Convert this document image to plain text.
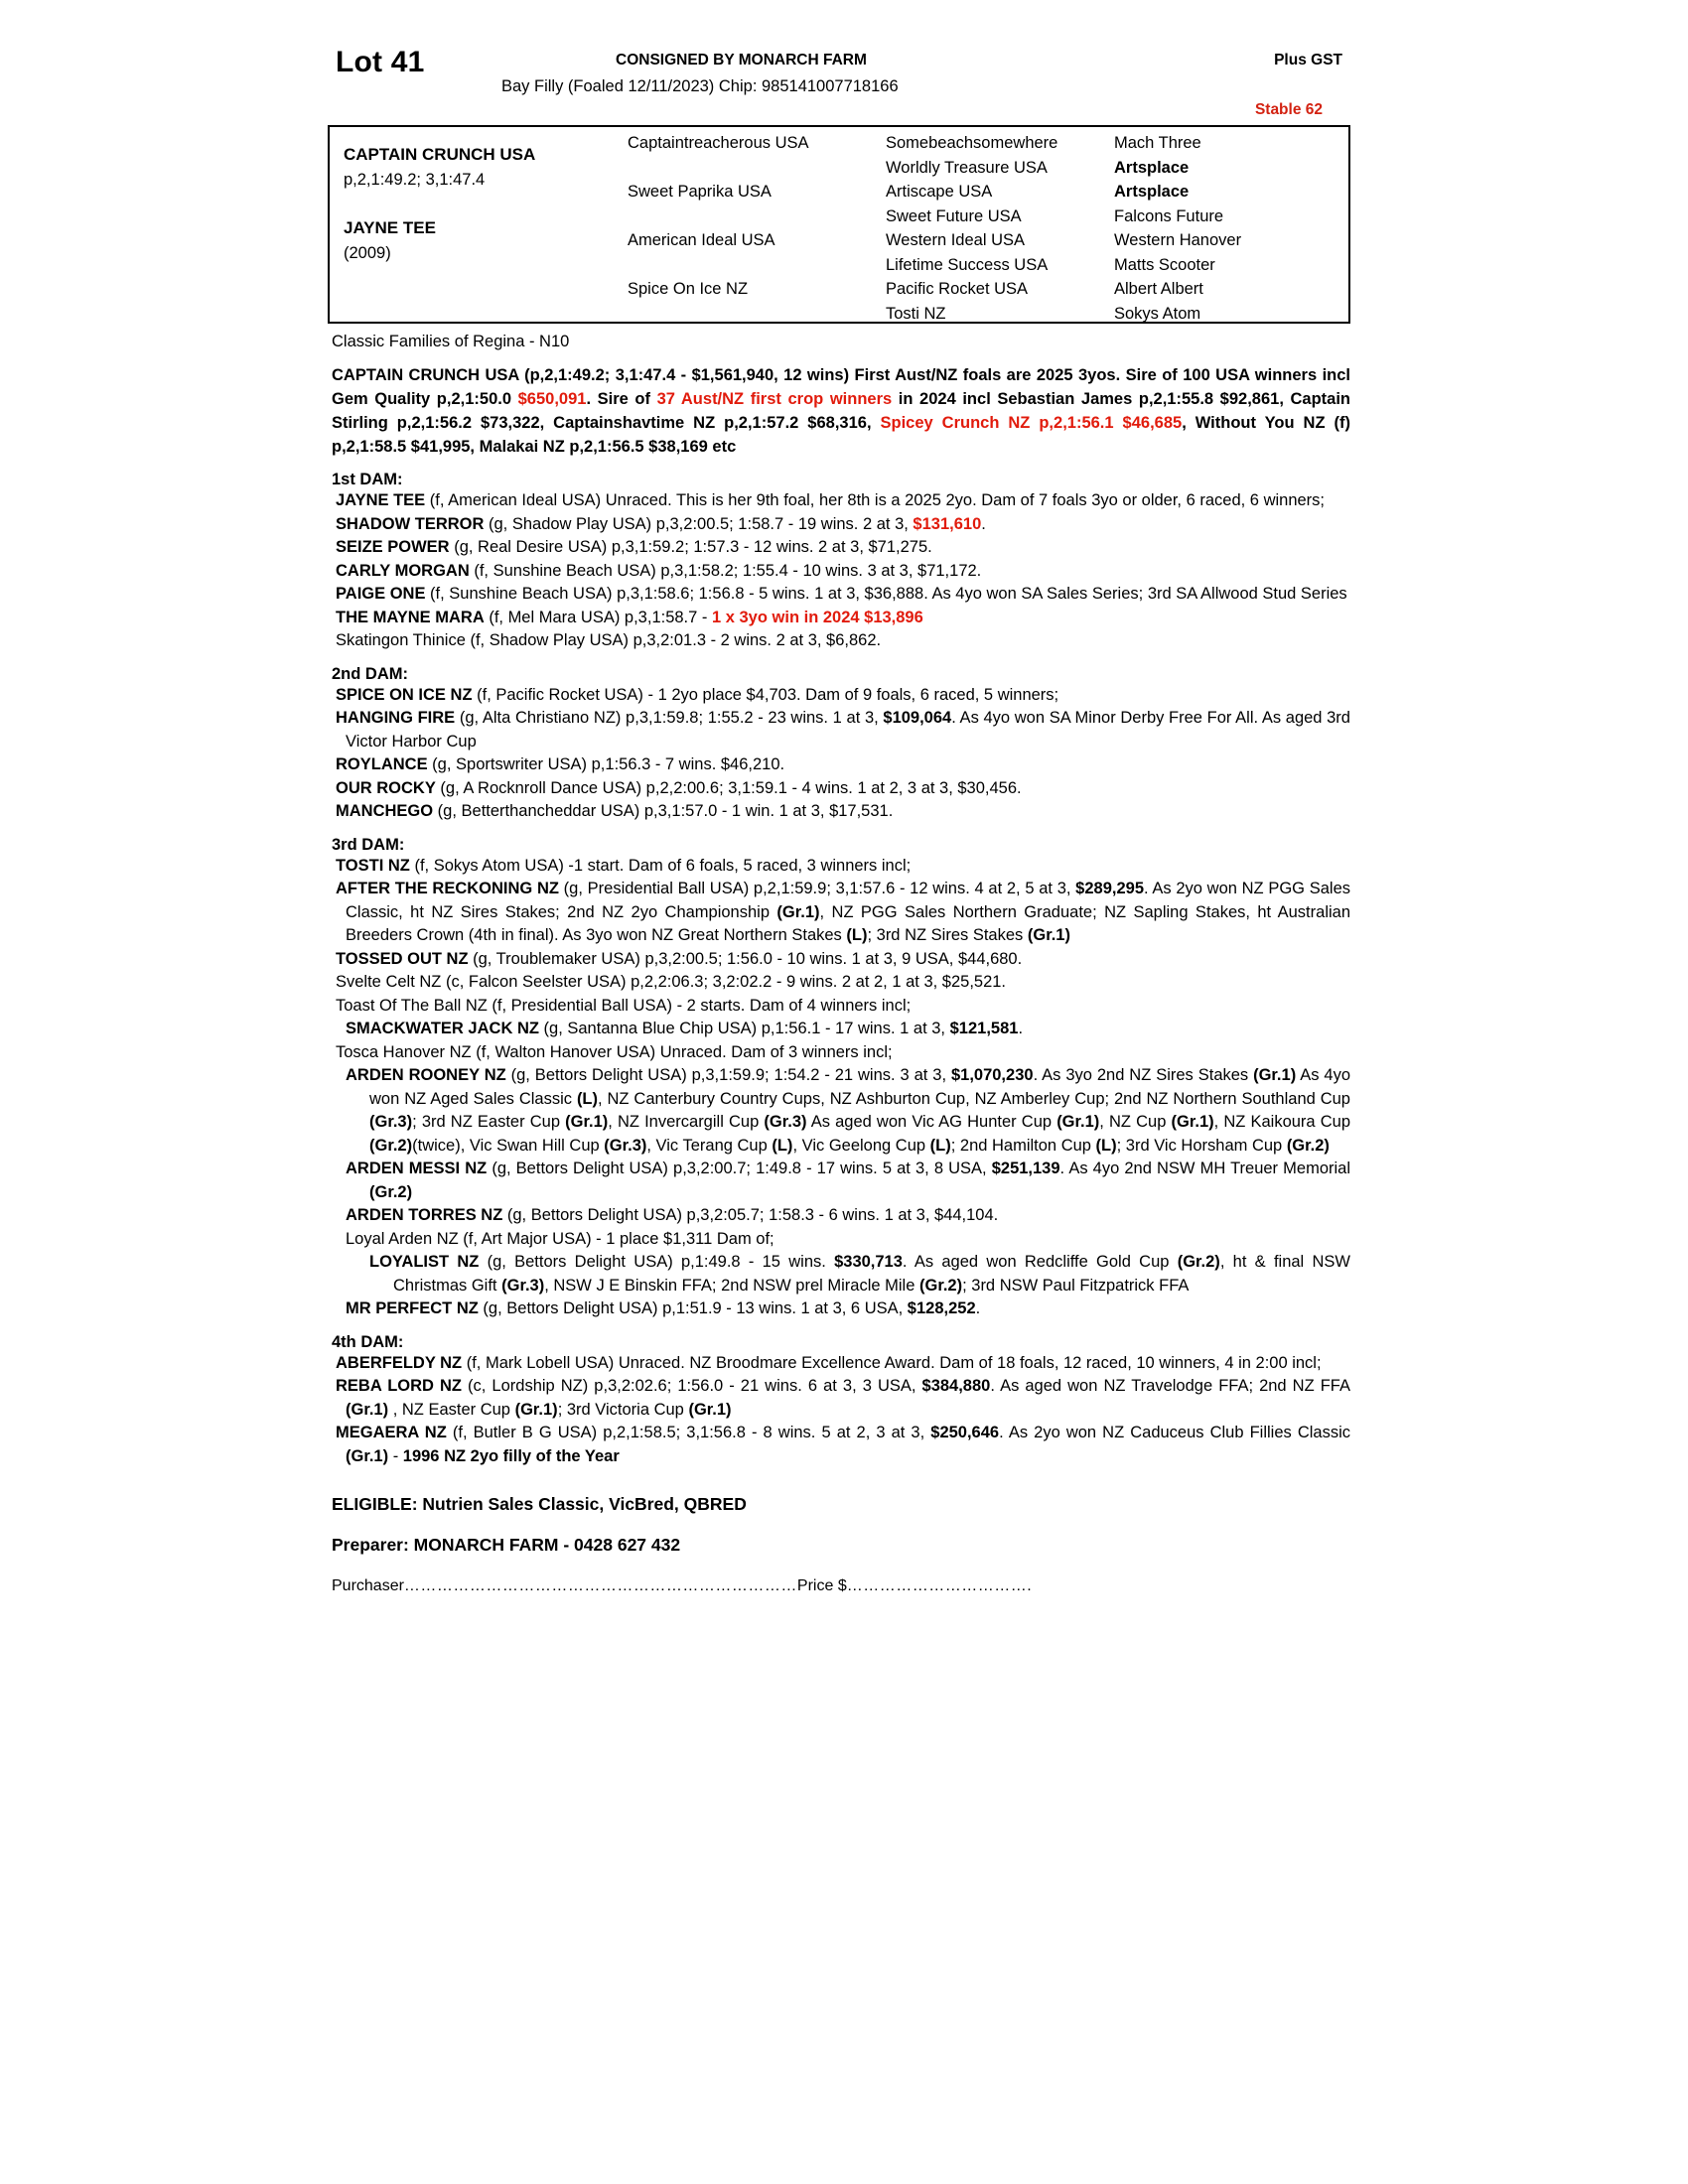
Lot 41	CONSIGNED BY MONARCH FARM	Plus GST
Bay Filly (Foaled 12/11/2023) Chip: 985141007718166
Stable 62
CAPTAIN CRUNCH USA
p,2,1:49.2; 3,1:47.4
JAYNE TEE
(2009)
Captaintreacherous USA
Sweet Paprika USA
American Ideal USA
Spice On Ice NZ
Somebeachsomewhere
Worldly Treasure USA
Artiscape USA
Sweet Future USA
Western Ideal USA
Lifetime Success USA
Pacific Rocket USA
Tosti NZ
Mach Three
Artsplace
Artsplace
Falcons Future
Western Hanover
Matts Scooter
Albert Albert
Sokys Atom
Classic Families of Regina - N10
CAPTAIN CRUNCH USA (p,2,1:49.2; 3,1:47.4 - $1,561,940, 12 wins) First Aust/NZ foals are 2025 3yos. Sire of 100 USA winners incl Gem Quality p,2,1:50.0 $650,091. Sire of 37 Aust/NZ first crop winners in 2024 incl Sebastian James p,2,1:55.8 $92,861, Captain Stirling p,2,1:56.2 $73,322, Captainshavtime NZ p,2,1:57.2 $68,316, Spicey Crunch NZ p,2,1:56.1 $46,685, Without You NZ (f) p,2,1:58.5 $41,995, Malakai NZ p,2,1:56.5 $38,169 etc
1st DAM:
JAYNE TEE (f, American Ideal USA) Unraced. This is her 9th foal, her 8th is a 2025 2yo. Dam of 7 foals 3yo or older, 6 raced, 6 winners;
SHADOW TERROR (g, Shadow Play USA) p,3,2:00.5; 1:58.7 - 19 wins. 2 at 3, $131,610.
SEIZE POWER (g, Real Desire USA) p,3,1:59.2; 1:57.3 - 12 wins. 2 at 3, $71,275.
CARLY MORGAN (f, Sunshine Beach USA) p,3,1:58.2; 1:55.4 - 10 wins. 3 at 3, $71,172.
PAIGE ONE (f, Sunshine Beach USA) p,3,1:58.6; 1:56.8 - 5 wins. 1 at 3, $36,888. As 4yo won SA Sales Series; 3rd SA Allwood Stud Series
THE MAYNE MARA (f, Mel Mara USA) p,3,1:58.7 - 1 x 3yo win in 2024 $13,896
Skatingon Thinice (f, Shadow Play USA) p,3,2:01.3 - 2 wins. 2 at 3, $6,862.
2nd DAM:
SPICE ON ICE NZ (f, Pacific Rocket USA) - 1 2yo place $4,703. Dam of 9 foals, 6 raced, 5 winners;
HANGING FIRE (g, Alta Christiano NZ) p,3,1:59.8; 1:55.2 - 23 wins. 1 at 3, $109,064. As 4yo won SA Minor Derby Free For All. As aged 3rd Victor Harbor Cup
ROYLANCE (g, Sportswriter USA) p,1:56.3 - 7 wins. $46,210.
OUR ROCKY (g, A Rocknroll Dance USA) p,2,2:00.6; 3,1:59.1 - 4 wins. 1 at 2, 3 at 3, $30,456.
MANCHEGO (g, Betterthancheddar USA) p,3,1:57.0 - 1 win. 1 at 3, $17,531.
3rd DAM:
TOSTI NZ (f, Sokys Atom USA) -1 start. Dam of 6 foals, 5 raced, 3 winners incl;
AFTER THE RECKONING NZ (g, Presidential Ball USA) p,2,1:59.9; 3,1:57.6 - 12 wins. 4 at 2, 5 at 3, $289,295. As 2yo won NZ PGG Sales Classic, ht NZ Sires Stakes; 2nd NZ 2yo Championship (Gr.1), NZ PGG Sales Northern Graduate; NZ Sapling Stakes, ht Australian Breeders Crown (4th in final). As 3yo won NZ Great Northern Stakes (L); 3rd NZ Sires Stakes (Gr.1)
TOSSED OUT NZ (g, Troublemaker USA) p,3,2:00.5; 1:56.0 - 10 wins. 1 at 3, 9 USA, $44,680.
Svelte Celt NZ (c, Falcon Seelster USA) p,2,2:06.3; 3,2:02.2 - 9 wins. 2 at 2, 1 at 3, $25,521.
Toast Of The Ball NZ (f, Presidential Ball USA) - 2 starts. Dam of 4 winners incl;
SMACKWATER JACK NZ (g, Santanna Blue Chip USA) p,1:56.1 - 17 wins. 1 at 3, $121,581.
Tosca Hanover NZ (f, Walton Hanover USA) Unraced. Dam of 3 winners incl;
ARDEN ROONEY NZ (g, Bettors Delight USA) p,3,1:59.9; 1:54.2 - 21 wins. 3 at 3, $1,070,230. As 3yo 2nd NZ Sires Stakes (Gr.1) As 4yo won NZ Aged Sales Classic (L), NZ Canterbury Country Cups, NZ Ashburton Cup, NZ Amberley Cup; 2nd NZ Northern Southland Cup (Gr.3); 3rd NZ Easter Cup (Gr.1), NZ Invercargill Cup (Gr.3) As aged won Vic AG Hunter Cup (Gr.1), NZ Cup (Gr.1), NZ Kaikoura Cup (Gr.2)(twice), Vic Swan Hill Cup (Gr.3), Vic Terang Cup (L), Vic Geelong Cup (L); 2nd Hamilton Cup (L); 3rd Vic Horsham Cup (Gr.2)
ARDEN MESSI NZ (g, Bettors Delight USA) p,3,2:00.7; 1:49.8 - 17 wins. 5 at 3, 8 USA, $251,139. As 4yo 2nd NSW MH Treuer Memorial (Gr.2)
ARDEN TORRES NZ (g, Bettors Delight USA) p,3,2:05.7; 1:58.3 - 6 wins. 1 at 3, $44,104.
Loyal Arden NZ (f, Art Major USA) - 1 place $1,311 Dam of;
LOYALIST NZ (g, Bettors Delight USA) p,1:49.8 - 15 wins. $330,713. As aged won Redcliffe Gold Cup (Gr.2), ht & final NSW Christmas Gift (Gr.3), NSW J E Binskin FFA; 2nd NSW prel Miracle Mile (Gr.2); 3rd NSW Paul Fitzpatrick FFA
MR PERFECT NZ (g, Bettors Delight USA) p,1:51.9 - 13 wins. 1 at 3, 6 USA, $128,252.
4th DAM:
ABERFELDY NZ (f, Mark Lobell USA) Unraced. NZ Broodmare Excellence Award. Dam of 18 foals, 12 raced, 10 winners, 4 in 2:00 incl;
REBA LORD NZ (c, Lordship NZ) p,3,2:02.6; 1:56.0 - 21 wins. 6 at 3, 3 USA, $384,880. As aged won NZ Travelodge FFA; 2nd NZ FFA (Gr.1) , NZ Easter Cup (Gr.1); 3rd Victoria Cup (Gr.1)
MEGAERA NZ (f, Butler B G USA) p,2,1:58.5; 3,1:56.8 - 8 wins. 5 at 2, 3 at 3, $250,646. As 2yo won NZ Caduceus Club Fillies Classic (Gr.1) - 1996 NZ 2yo filly of the Year
ELIGIBLE: Nutrien Sales Classic, VicBred, QBRED
Preparer: MONARCH FARM - 0428 627 432
Purchaser………………………………………………………………Price $…………………………….
